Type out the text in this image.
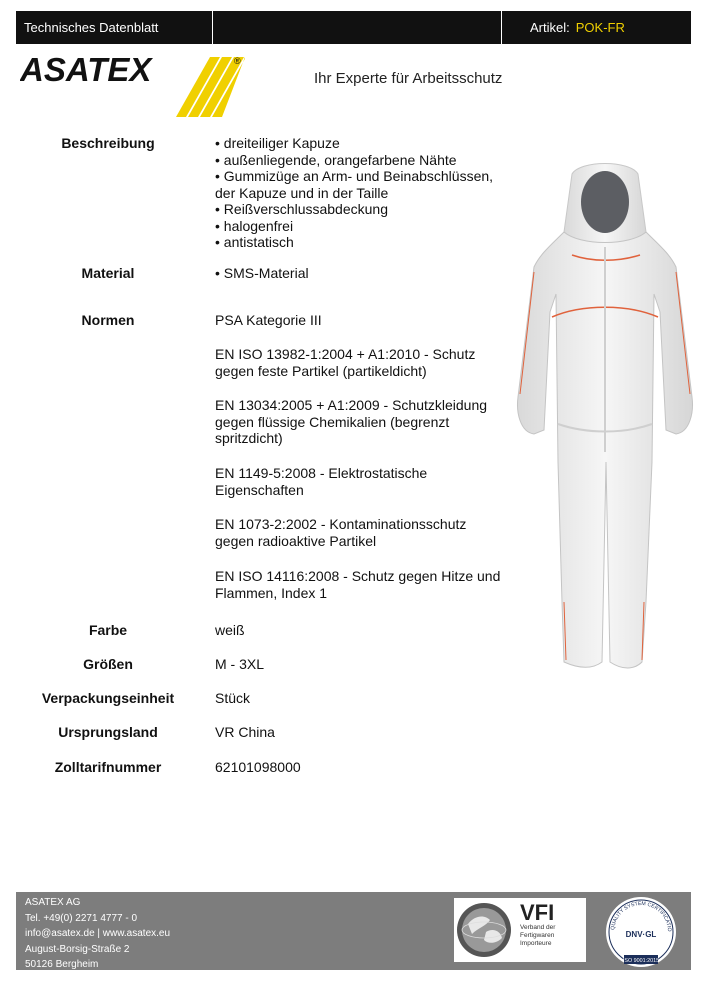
Technisches Datenblatt	Artikel: POK-FR
ASATEX	®
Ihr Experte für Arbeitsschutz
Beschreibung	• dreiteiliger Kapuze
• außenliegende, orangefarbene Nähte
• Gummizüge an Arm- und Beinabschlüssen,
der Kapuze und in der Taille
• Reißverschlussabdeckung
• halogenfrei
• antistatisch
Material	• SMS-Material
Normen	PSA Kategorie III
EN ISO 13982-1:2004 + A1:2010 - Schutz
gegen feste Partikel (partikeldicht)
EN 13034:2005 + A1:2009 - Schutzkleidung
gegen flüssige Chemikalien (begrenzt
spritzdicht)
EN 1149-5:2008 - Elektrostatische
Eigenschaften
EN 1073-2:2002 - Kontaminationsschutz
gegen radioaktive Partikel
EN ISO 14116:2008 - Schutz gegen Hitze und
Flammen, Index 1
Farbe	weiß
Größen	M - 3XL
Verpackungseinheit	Stück
Ursprungsland	VR China
Zolltarifnummer	62101098000
ASATEX AG
Tel. +49(0) 2271 4777 - 0
info@asatex.de | www.asatex.eu
August-Borsig-Straße 2
50126 Bergheim
VFI
Verband der
Fertigwaren
Importeure
QUALITY SYSTEM CERTIFICATIO
DNV·GL
ISO 9001:2015
